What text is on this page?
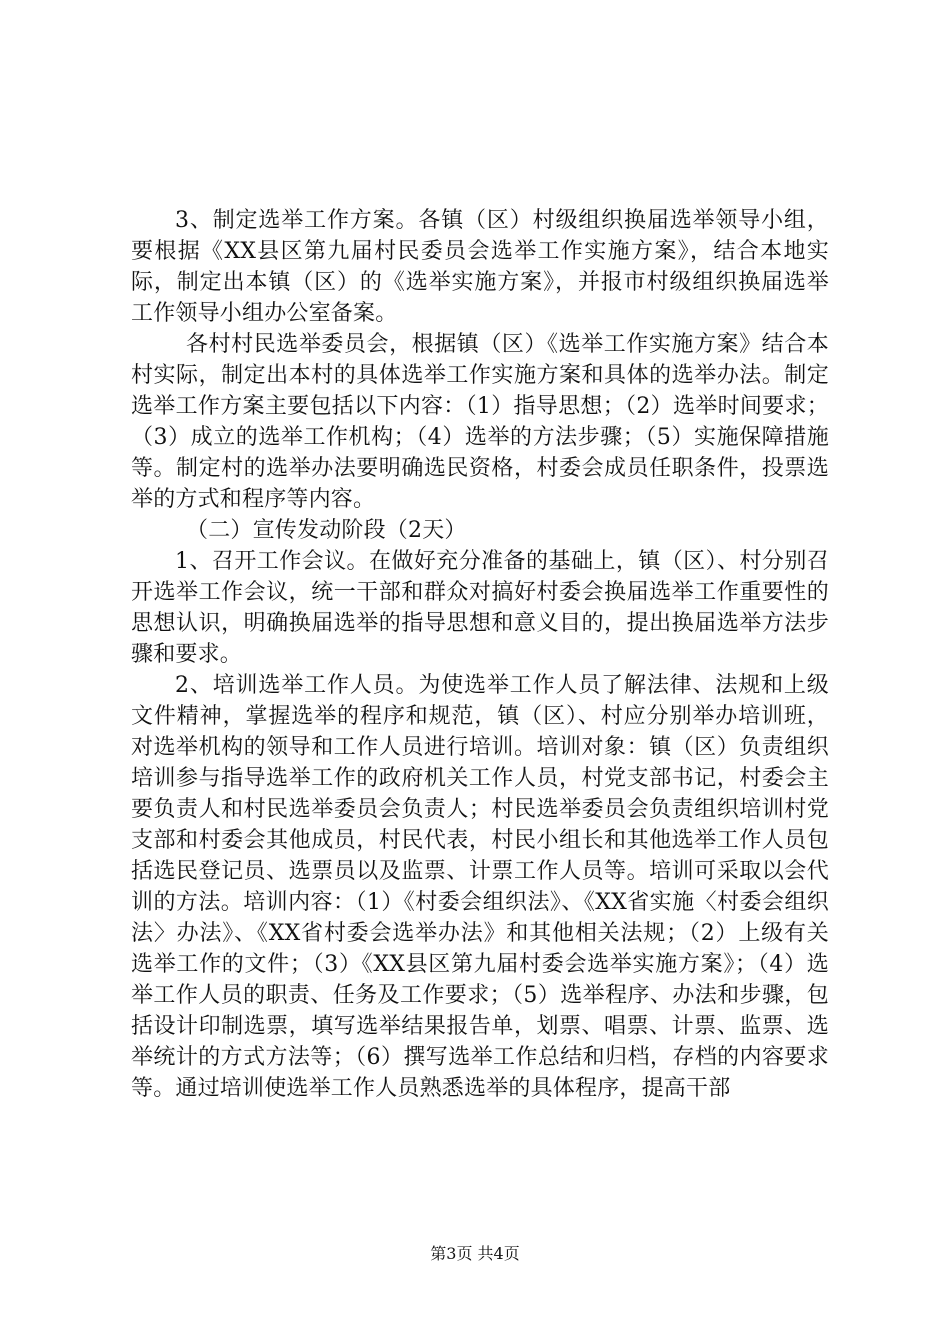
3、制定选举工作方案。各镇（区）村级组织换届选举领导小组，要根据《XX县区第九届村民委员会选举工作实施方案》，结合本地实际，制定出本镇（区）的《选举实施方案》，并报市村级组织换届选举工作领导小组办公室备案。

各村村民选举委员会，根据镇（区）《选举工作实施方案》结合本村实际，制定出本村的具体选举工作实施方案和具体的选举办法。制定选举工作方案主要包括以下内容：（1）指导思想；（2）选举时间要求；（3）成立的选举工作机构；（4）选举的方法步骤；（5）实施保障措施等。制定村的选举办法要明确选民资格，村委会成员任职条件，投票选举的方式和程序等内容。

（二）宣传发动阶段（2天）

1、召开工作会议。在做好充分准备的基础上，镇（区）、村分别召开选举工作会议，统一干部和群众对搞好村委会换届选举工作重要性的思想认识，明确换届选举的指导思想和意义目的，提出换届选举方法步骤和要求。

2、培训选举工作人员。为使选举工作人员了解法律、法规和上级文件精神，掌握选举的程序和规范，镇（区）、村应分别举办培训班，对选举机构的领导和工作人员进行培训。培训对象：镇（区）负责组织培训参与指导选举工作的政府机关工作人员，村党支部书记，村委会主要负责人和村民选举委员会负责人；村民选举委员会负责组织培训村党支部和村委会其他成员，村民代表，村民小组长和其他选举工作人员包括选民登记员、选票员以及监票、计票工作人员等。培训可采取以会代训的方法。培训内容：（1）《村委会组织法》、《XX省实施〈村委会组织法〉办法》、《XX省村委会选举办法》和其他相关法规；（2）上级有关选举工作的文件；（3）《XX县区第九届村委会选举实施方案》；（4）选举工作人员的职责、任务及工作要求；（5）选举程序、办法和步骤，包括设计印制选票，填写选举结果报告单，划票、唱票、计票、监票、选举统计的方式方法等；（6）撰写选举工作总结和归档，存档的内容要求等。通过培训使选举工作人员熟悉选举的具体程序，提高干部

第3页 共4页
